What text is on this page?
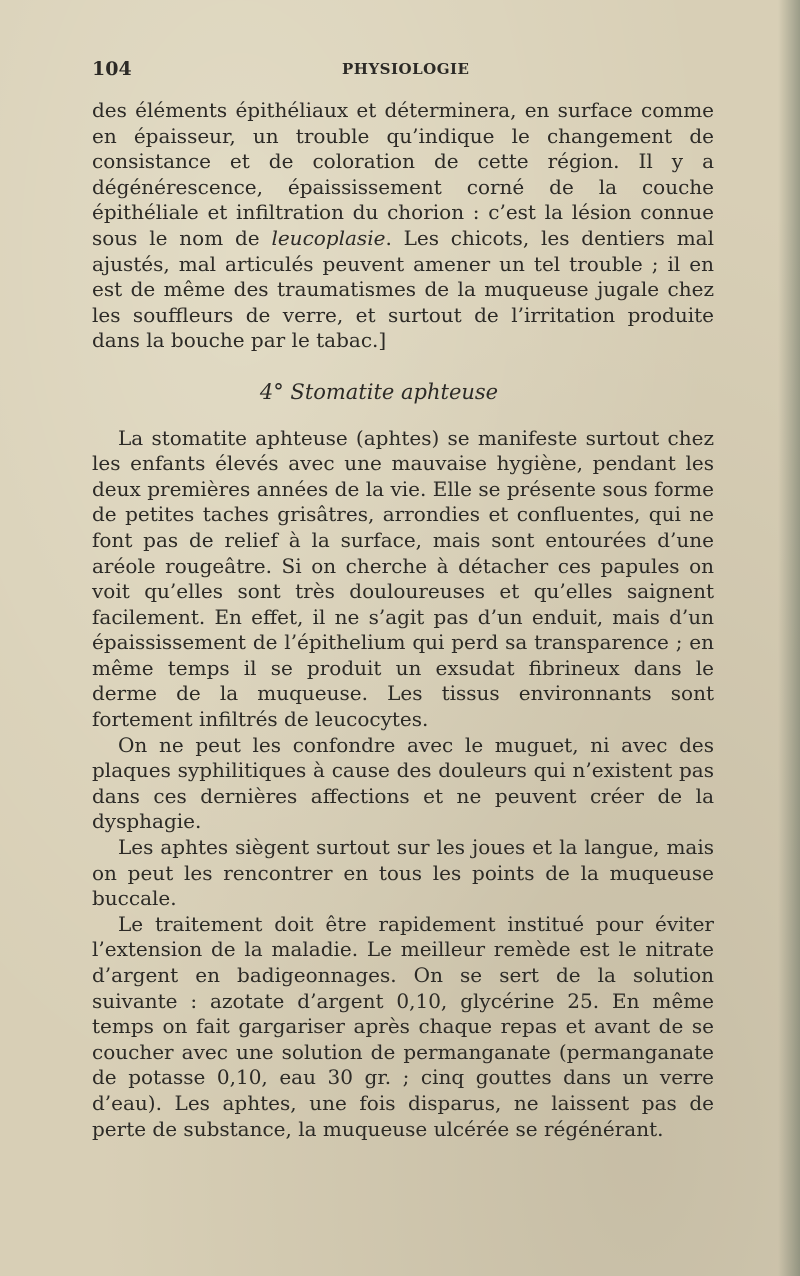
104	PHYSIOLOGIE

des éléments épithéliaux et déterminera, en surface comme en épaisseur, un trouble qu’indique le changement de consistance et de coloration de cette région. Il y a dégénérescence, épaississement corné de la couche épithéliale et infiltration du chorion : c’est la lésion connue sous le nom de leucoplasie. Les chicots, les dentiers mal ajustés, mal articulés peuvent amener un tel trouble ; il en est de même des traumatismes de la muqueuse jugale chez les souffleurs de verre, et surtout de l’irritation produite dans la bouche par le tabac.]

4° Stomatite aphteuse

La stomatite aphteuse (aphtes) se manifeste surtout chez les enfants élevés avec une mauvaise hygiène, pendant les deux premières années de la vie. Elle se présente sous forme de petites taches grisâtres, arrondies et confluentes, qui ne font pas de relief à la surface, mais sont entourées d’une aréole rougeâtre. Si on cherche à détacher ces papules on voit qu’elles sont très douloureuses et qu’elles saignent facilement. En effet, il ne s’agit pas d’un enduit, mais d’un épaississement de l’épithelium qui perd sa transparence ; en même temps il se produit un exsudat fibrineux dans le derme de la muqueuse. Les tissus environnants sont fortement infiltrés de leucocytes.

On ne peut les confondre avec le muguet, ni avec des plaques syphilitiques à cause des douleurs qui n’existent pas dans ces dernières affections et ne peuvent créer de la dysphagie.

Les aphtes siègent surtout sur les joues et la langue, mais on peut les rencontrer en tous les points de la muqueuse buccale.

Le traitement doit être rapidement institué pour éviter l’extension de la maladie. Le meilleur remède est le nitrate d’argent en badigeonnages. On se sert de la solution suivante : azotate d’argent 0,10, glycérine 25. En même temps on fait gargariser après chaque repas et avant de se coucher avec une solution de permanganate (permanganate de potasse 0,10, eau 30 gr. ; cinq gouttes dans un verre d’eau). Les aphtes, une fois disparus, ne laissent pas de perte de substance, la muqueuse ulcérée se régénérant.
